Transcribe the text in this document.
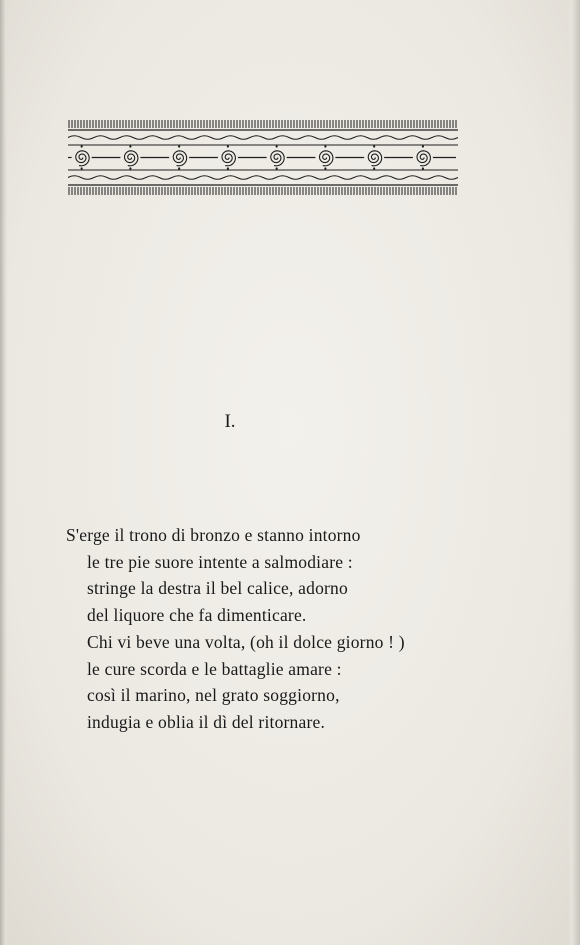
I.
S'erge il trono di bronzo e stanno intorno
le tre pie suore intente a salmodiare :
stringe la destra il bel calice, adorno
del liquore che fa dimenticare.
Chi vi beve una volta, (oh il dolce giorno ! )
le cure scorda e le battaglie amare :
così il marino, nel grato soggiorno,
indugia e oblia il dì del ritornare.
